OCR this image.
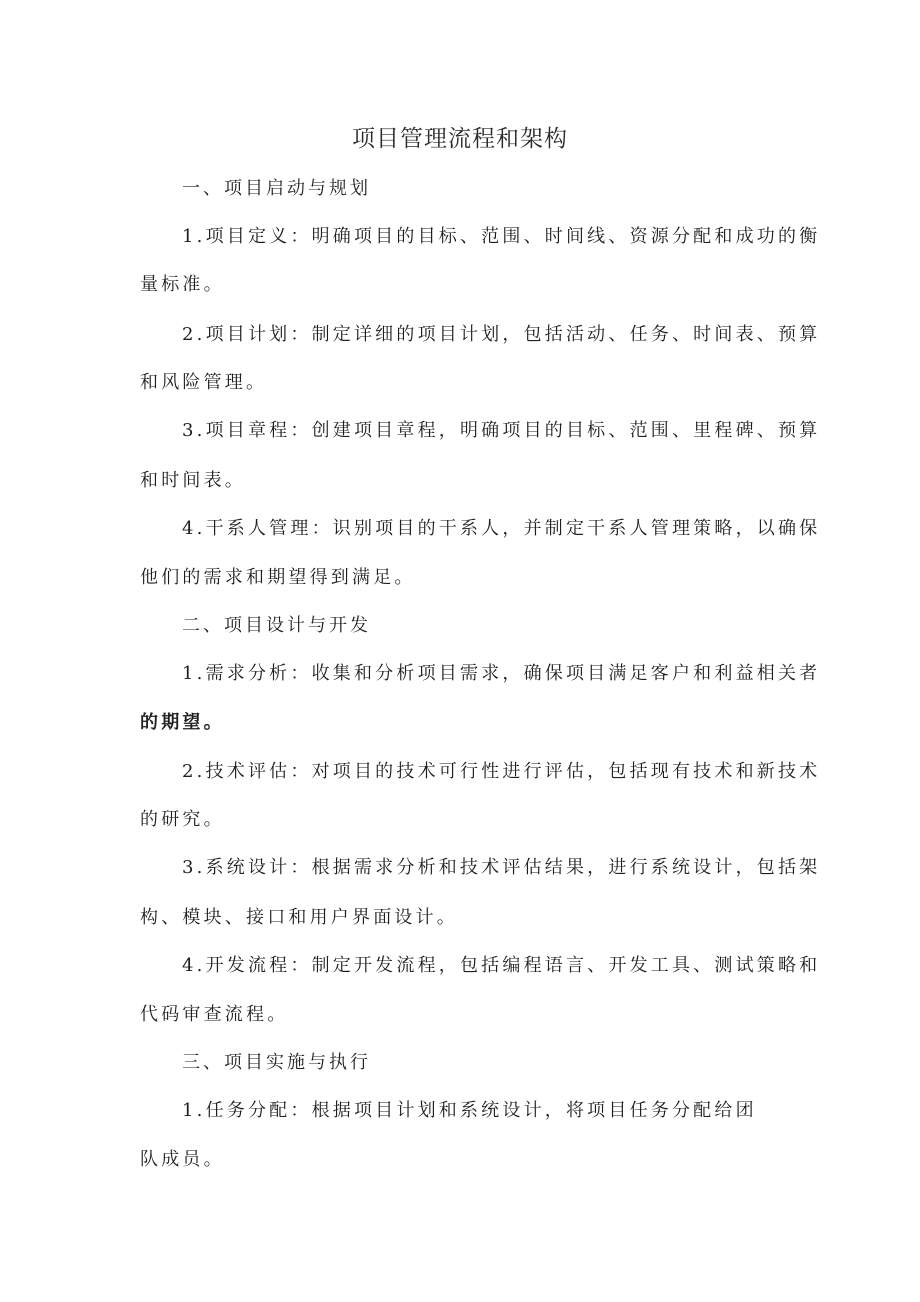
项目管理流程和架构
一、项目启动与规划
1.项目定义：明确项目的目标、范围、时间线、资源分配和成功的衡
量标准。
2.项目计划：制定详细的项目计划，包括活动、任务、时间表、预算
和风险管理。
3.项目章程：创建项目章程，明确项目的目标、范围、里程碑、预算
和时间表。
4.干系人管理：识别项目的干系人，并制定干系人管理策略，以确保
他们的需求和期望得到满足。
二、项目设计与开发
1.需求分析：收集和分析项目需求，确保项目满足客户和利益相关者
的期望。
2.技术评估：对项目的技术可行性进行评估，包括现有技术和新技术
的研究。
3.系统设计：根据需求分析和技术评估结果，进行系统设计，包括架
构、模块、接口和用户界面设计。
4.开发流程：制定开发流程，包括编程语言、开发工具、测试策略和
代码审查流程。
三、项目实施与执行
1.任务分配：根据项目计划和系统设计，将项目任务分配给团
队成员。
